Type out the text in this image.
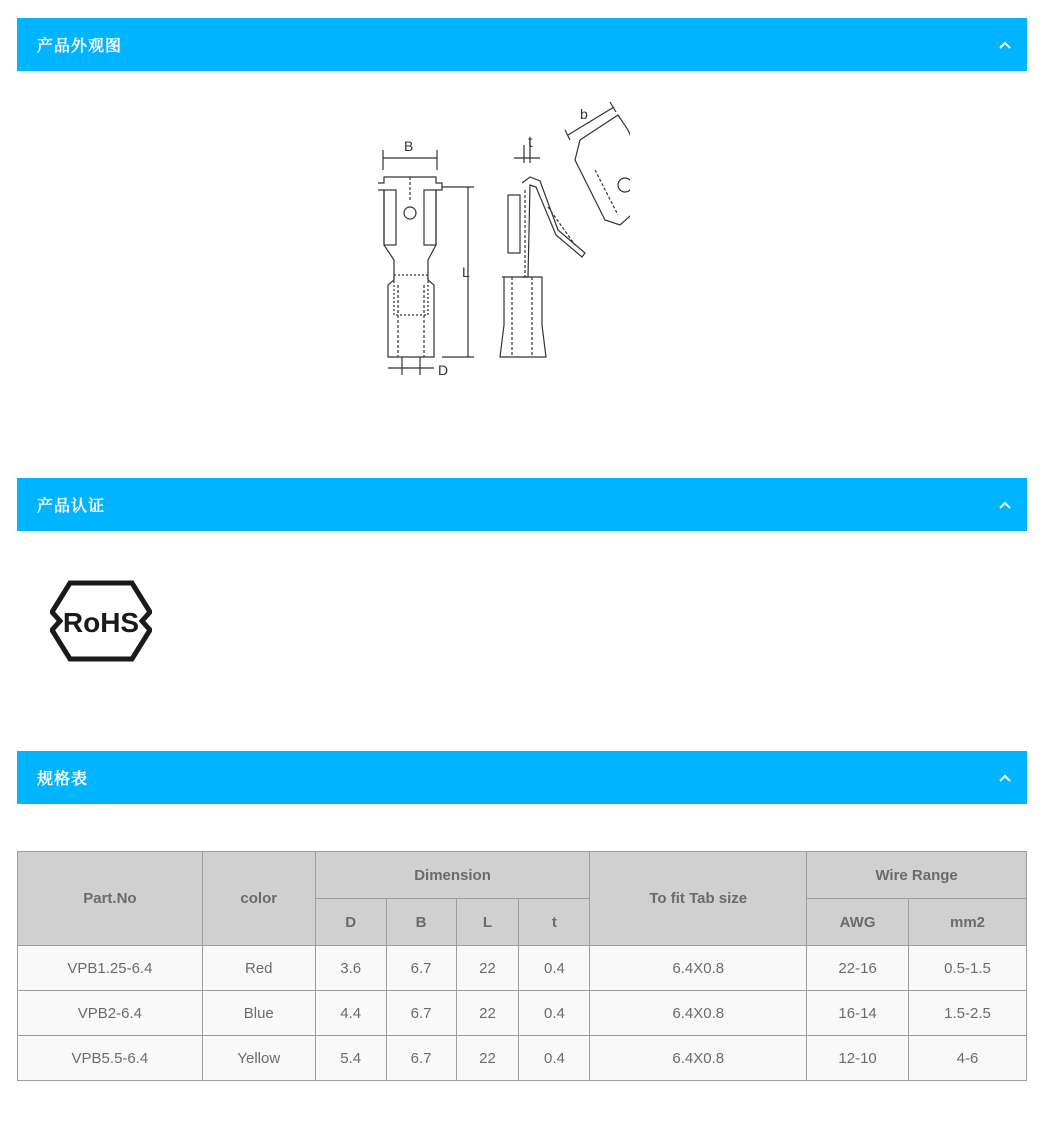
产品外观图
B
L
D
t
b
产品认证
RoHS
规格表
Part.No	color	Dimension				To fit Tab size	Wire Range	
		D	B	L	t		AWG	mm2
VPB1.25-6.4	Red	3.6	6.7	22	0.4	6.4X0.8	22-16	0.5-1.5
VPB2-6.4	Blue	4.4	6.7	22	0.4	6.4X0.8	16-14	1.5-2.5
VPB5.5-6.4	Yellow	5.4	6.7	22	0.4	6.4X0.8	12-10	4-6
